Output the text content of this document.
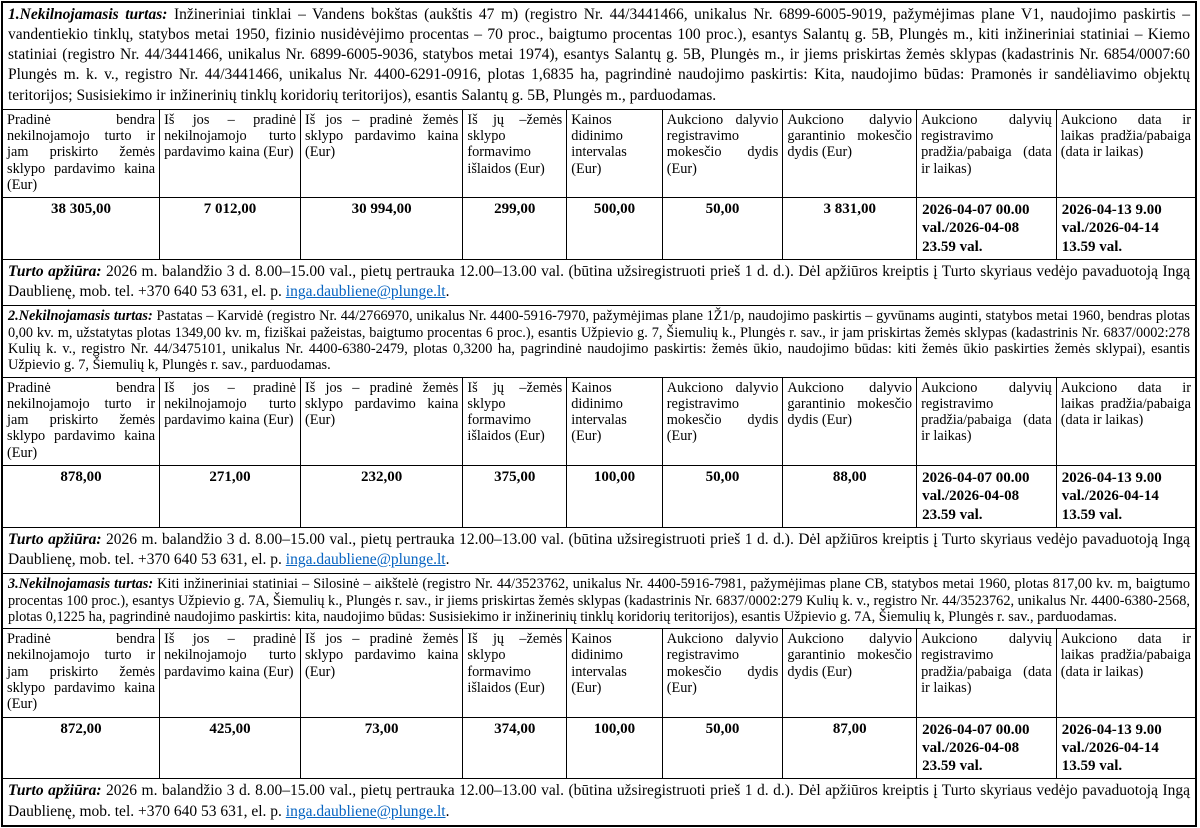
1.Nekilnojamasis turtas: Inžineriniai tinklai – Vandens bokštas (aukštis 47 m) (registro Nr. 44/3441466, unikalus Nr. 6899-6005-9019, pažymėjimas plane V1, naudojimo paskirtis – vandentiekio tinklų, statybos metai 1950, fizinio nusidėvėjimo procentas – 70 proc., baigtumo procentas 100 proc.), esantys Salantų g. 5B, Plungės m., kiti inžineriniai statiniai – Kiemo statiniai (registro Nr. 44/3441466, unikalus Nr. 6899-6005-9036, statybos metai 1974), esantys Salantų g. 5B, Plungės m., ir jiems priskirtas žemės sklypas (kadastrinis Nr. 6854/0007:60 Plungės m. k. v., registro Nr. 44/3441466, unikalus Nr. 4400-6291-0916, plotas 1,6835 ha, pagrindinė naudojimo paskirtis: Kita, naudojimo būdas: Pramonės ir sandėliavimo objektų teritorijos; Susisiekimo ir inžinerinių tinklų koridorių teritorijos), esantis Salantų g. 5B, Plungės m., parduodamas.								
Pradinė bendra nekilnojamojo turto ir jam priskirto žemės sklypo pardavimo kaina (Eur)	Iš jos – pradinė nekilnojamojo turto pardavimo kaina (Eur)	Iš jos – pradinė žemės sklypo pardavimo kaina (Eur)	Iš jų –žemės sklypo formavimo išlaidos (Eur)	Kainos didinimo intervalas (Eur)	Aukciono dalyvio registravimo mokesčio dydis (Eur)	Aukciono dalyvio garantinio mokesčio dydis (Eur)	Aukciono dalyvių registravimo pradžia/pabaiga (data ir laikas)	Aukciono data ir laikas pradžia/pabaiga (data ir laikas)
38 305,00	7 012,00	30 994,00	299,00	500,00	50,00	3 831,00	2026-04-07 00.00 val./2026-04-08 23.59 val.	2026-04-13 9.00 val./2026-04-14 13.59 val.
Turto apžiūra: 2026 m. balandžio 3 d. 8.00–15.00 val., pietų pertrauka 12.00–13.00 val. (būtina užsiregistruoti prieš 1 d. d.). Dėl apžiūros kreiptis į Turto skyriaus vedėjo pavaduotoją Ingą Daublienę, mob. tel. +370 640 53 631, el. p. inga.daubliene@plunge.lt.								
2.Nekilnojamasis turtas: Pastatas – Karvidė (registro Nr. 44/2766970, unikalus Nr. 4400-5916-7970, pažymėjimas plane 1Ž1/p, naudojimo paskirtis – gyvūnams auginti, statybos metai 1960, bendras plotas 0,00 kv. m, užstatytas plotas 1349,00 kv. m, fiziškai pažeistas, baigtumo procentas 6 proc.), esantis Užpievio g. 7, Šiemulių k., Plungės r. sav., ir jam priskirtas žemės sklypas (kadastrinis Nr. 6837/0002:278 Kulių k. v., registro Nr. 44/3475101, unikalus Nr. 4400-6380-2479, plotas 0,3200 ha, pagrindinė naudojimo paskirtis: žemės ūkio, naudojimo būdas: kiti žemės ūkio paskirties žemės sklypai), esantis Užpievio g. 7, Šiemulių k, Plungės r. sav., parduodamas.								
Pradinė bendra nekilnojamojo turto ir jam priskirto žemės sklypo pardavimo kaina (Eur)	Iš jos – pradinė nekilnojamojo turto pardavimo kaina (Eur)	Iš jos – pradinė žemės sklypo pardavimo kaina (Eur)	Iš jų –žemės sklypo formavimo išlaidos (Eur)	Kainos didinimo intervalas (Eur)	Aukciono dalyvio registravimo mokesčio dydis (Eur)	Aukciono dalyvio garantinio mokesčio dydis (Eur)	Aukciono dalyvių registravimo pradžia/pabaiga (data ir laikas)	Aukciono data ir laikas pradžia/pabaiga (data ir laikas)
878,00	271,00	232,00	375,00	100,00	50,00	88,00	2026-04-07 00.00 val./2026-04-08 23.59 val.	2026-04-13 9.00 val./2026-04-14 13.59 val.
Turto apžiūra: 2026 m. balandžio 3 d. 8.00–15.00 val., pietų pertrauka 12.00–13.00 val. (būtina užsiregistruoti prieš 1 d. d.). Dėl apžiūros kreiptis į Turto skyriaus vedėjo pavaduotoją Ingą Daublienę, mob. tel. +370 640 53 631, el. p. inga.daubliene@plunge.lt.								
3.Nekilnojamasis turtas: Kiti inžineriniai statiniai – Silosinė – aikštelė (registro Nr. 44/3523762, unikalus Nr. 4400-5916-7981, pažymėjimas plane CB, statybos metai 1960, plotas 817,00 kv. m, baigtumo procentas 100 proc.), esantys Užpievio g. 7A, Šiemulių k., Plungės r. sav., ir jiems priskirtas žemės sklypas (kadastrinis Nr. 6837/0002:279 Kulių k. v., registro Nr. 44/3523762, unikalus Nr. 4400-6380-2568, plotas 0,1225 ha, pagrindinė naudojimo paskirtis: kita, naudojimo būdas: Susisiekimo ir inžinerinių tinklų koridorių teritorijos), esantis Užpievio g. 7A, Šiemulių k, Plungės r. sav., parduodamas.								
Pradinė bendra nekilnojamojo turto ir jam priskirto žemės sklypo pardavimo kaina (Eur)	Iš jos – pradinė nekilnojamojo turto pardavimo kaina (Eur)	Iš jos – pradinė žemės sklypo pardavimo kaina (Eur)	Iš jų –žemės sklypo formavimo išlaidos (Eur)	Kainos didinimo intervalas (Eur)	Aukciono dalyvio registravimo mokesčio dydis (Eur)	Aukciono dalyvio garantinio mokesčio dydis (Eur)	Aukciono dalyvių registravimo pradžia/pabaiga (data ir laikas)	Aukciono data ir laikas pradžia/pabaiga (data ir laikas)
872,00	425,00	73,00	374,00	100,00	50,00	87,00	2026-04-07 00.00 val./2026-04-08 23.59 val.	2026-04-13 9.00 val./2026-04-14 13.59 val.
Turto apžiūra: 2026 m. balandžio 3 d. 8.00–15.00 val., pietų pertrauka 12.00–13.00 val. (būtina užsiregistruoti prieš 1 d. d.). Dėl apžiūros kreiptis į Turto skyriaus vedėjo pavaduotoją Ingą Daublienę, mob. tel. +370 640 53 631, el. p. inga.daubliene@plunge.lt.								
